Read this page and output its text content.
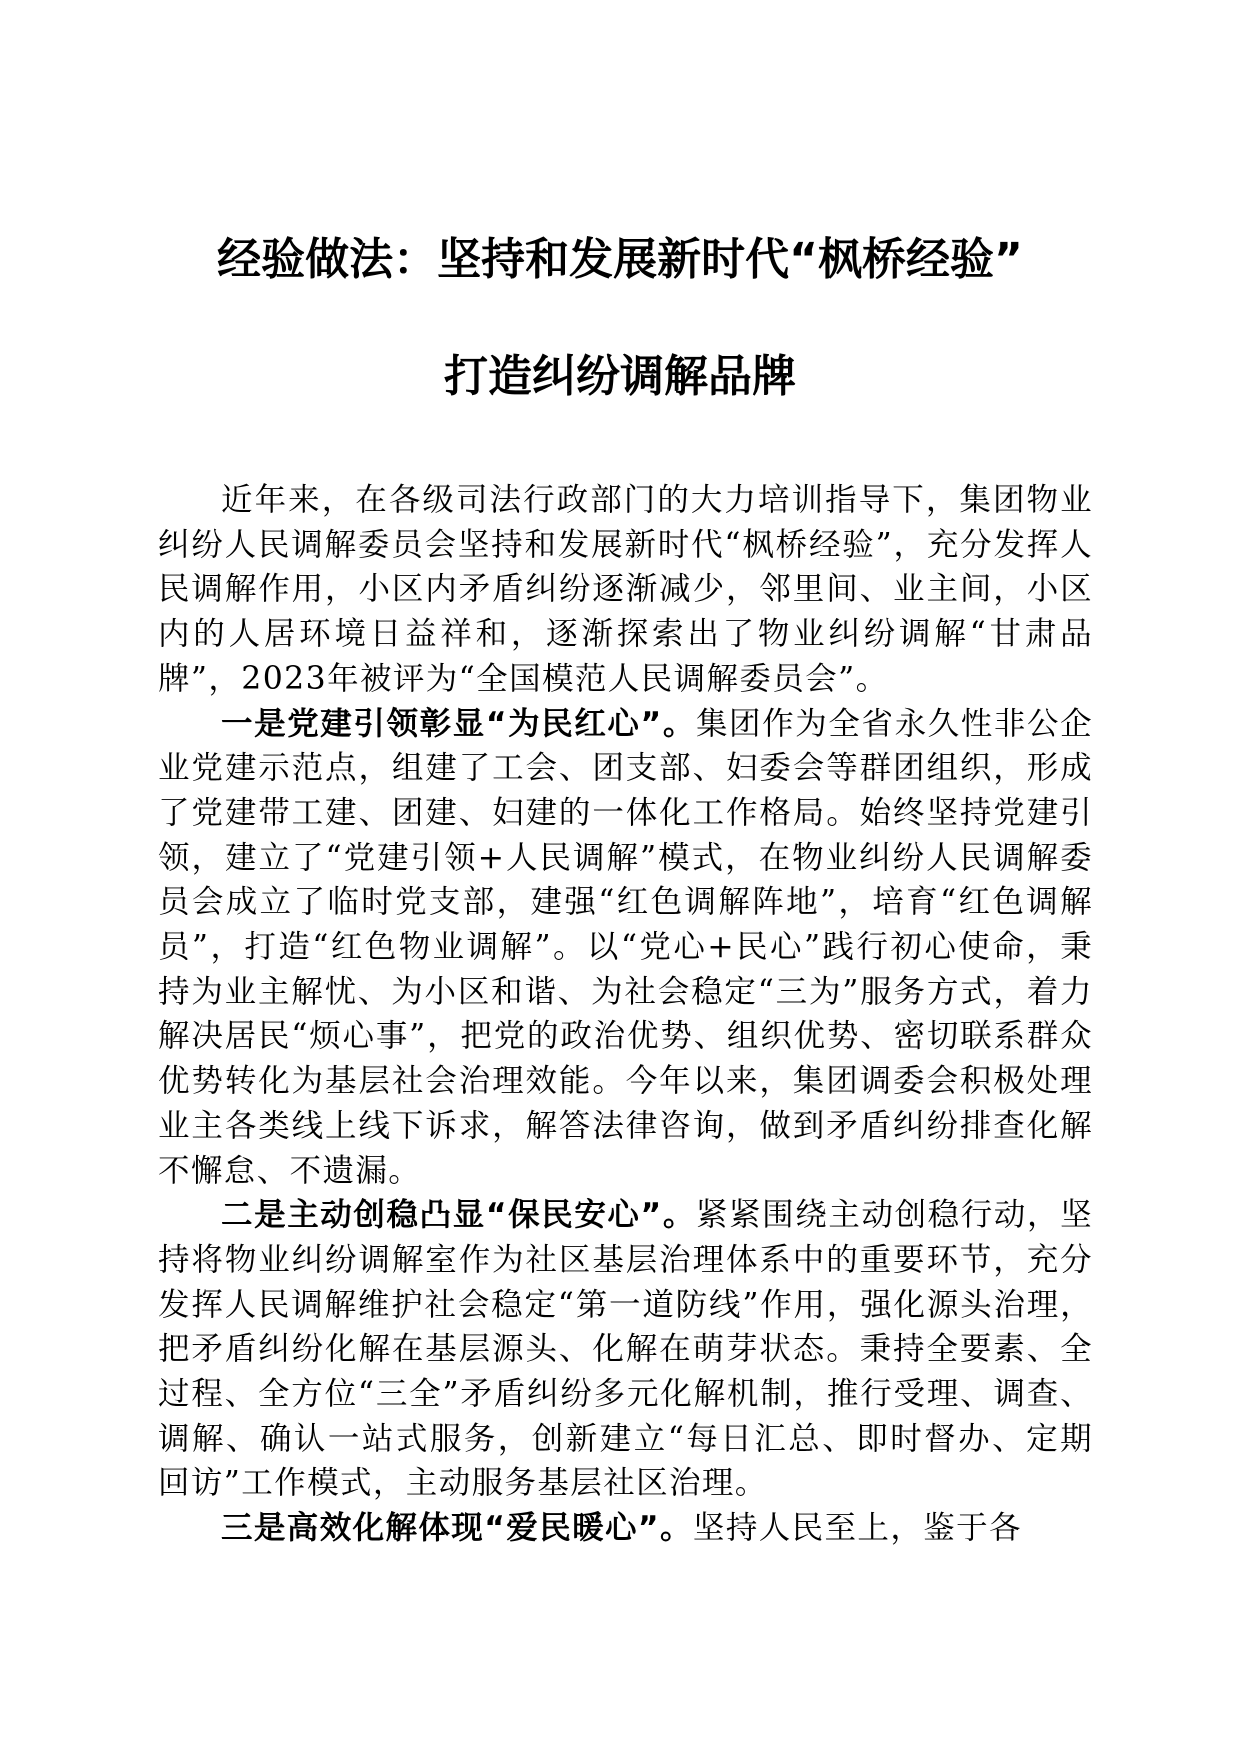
经验做法：坚持和发展新时代“枫桥经验”
打造纠纷调解品牌

近年来，在各级司法行政部门的大力培训指导下，集团物业纠纷人民调解委员会坚持和发展新时代“枫桥经验”，充分发挥人民调解作用，小区内矛盾纠纷逐渐减少，邻里间、业主间，小区内的人居环境日益祥和，逐渐探索出了物业纠纷调解“甘肃品牌”，2023年被评为“全国模范人民调解委员会”。

一是党建引领彰显“为民红心”。集团作为全省永久性非公企业党建示范点，组建了工会、团支部、妇委会等群团组织，形成了党建带工建、团建、妇建的一体化工作格局。始终坚持党建引领，建立了“党建引领+人民调解”模式，在物业纠纷人民调解委员会成立了临时党支部，建强“红色调解阵地”，培育“红色调解员”，打造“红色物业调解”。以“党心+民心”践行初心使命，秉持为业主解忧、为小区和谐、为社会稳定“三为”服务方式，着力解决居民“烦心事”，把党的政治优势、组织优势、密切联系群众优势转化为基层社会治理效能。今年以来，集团调委会积极处理业主各类线上线下诉求，解答法律咨询，做到矛盾纠纷排查化解不懈怠、不遗漏。

二是主动创稳凸显“保民安心”。紧紧围绕主动创稳行动，坚持将物业纠纷调解室作为社区基层治理体系中的重要环节，充分发挥人民调解维护社会稳定“第一道防线”作用，强化源头治理，把矛盾纠纷化解在基层源头、化解在萌芽状态。秉持全要素、全过程、全方位“三全”矛盾纠纷多元化解机制，推行受理、调查、调解、确认一站式服务，创新建立“每日汇总、即时督办、定期回访”工作模式，主动服务基层社区治理。

三是高效化解体现“爱民暖心”。坚持人民至上，鉴于各
